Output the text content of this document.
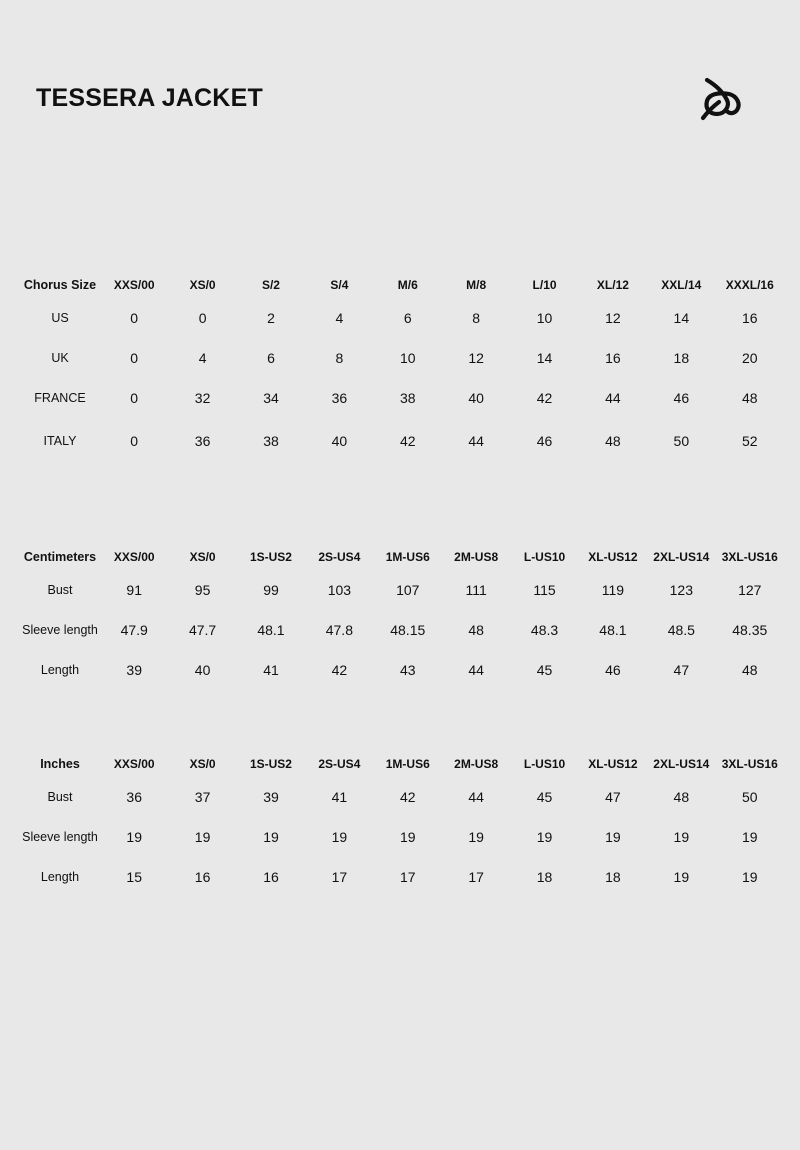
TESSERA JACKET
Chorus Size	XXS/00	XS/0	S/2	S/4	M/6	M/8	L/10	XL/12	XXL/14	XXXL/16
US	0	0	2	4	6	8	10	12	14	16
UK	0	4	6	8	10	12	14	16	18	20
FRANCE	0	32	34	36	38	40	42	44	46	48
ITALY	0	36	38	40	42	44	46	48	50	52
Centimeters	XXS/00	XS/0	1S-US2	2S-US4	1M-US6	2M-US8	L-US10	XL-US12	2XL-US14	3XL-US16
Bust	91	95	99	103	107	111	115	119	123	127
Sleeve length	47.9	47.7	48.1	47.8	48.15	48	48.3	48.1	48.5	48.35
Length	39	40	41	42	43	44	45	46	47	48
Inches	XXS/00	XS/0	1S-US2	2S-US4	1M-US6	2M-US8	L-US10	XL-US12	2XL-US14	3XL-US16
Bust	36	37	39	41	42	44	45	47	48	50
Sleeve length	19	19	19	19	19	19	19	19	19	19
Length	15	16	16	17	17	17	18	18	19	19
